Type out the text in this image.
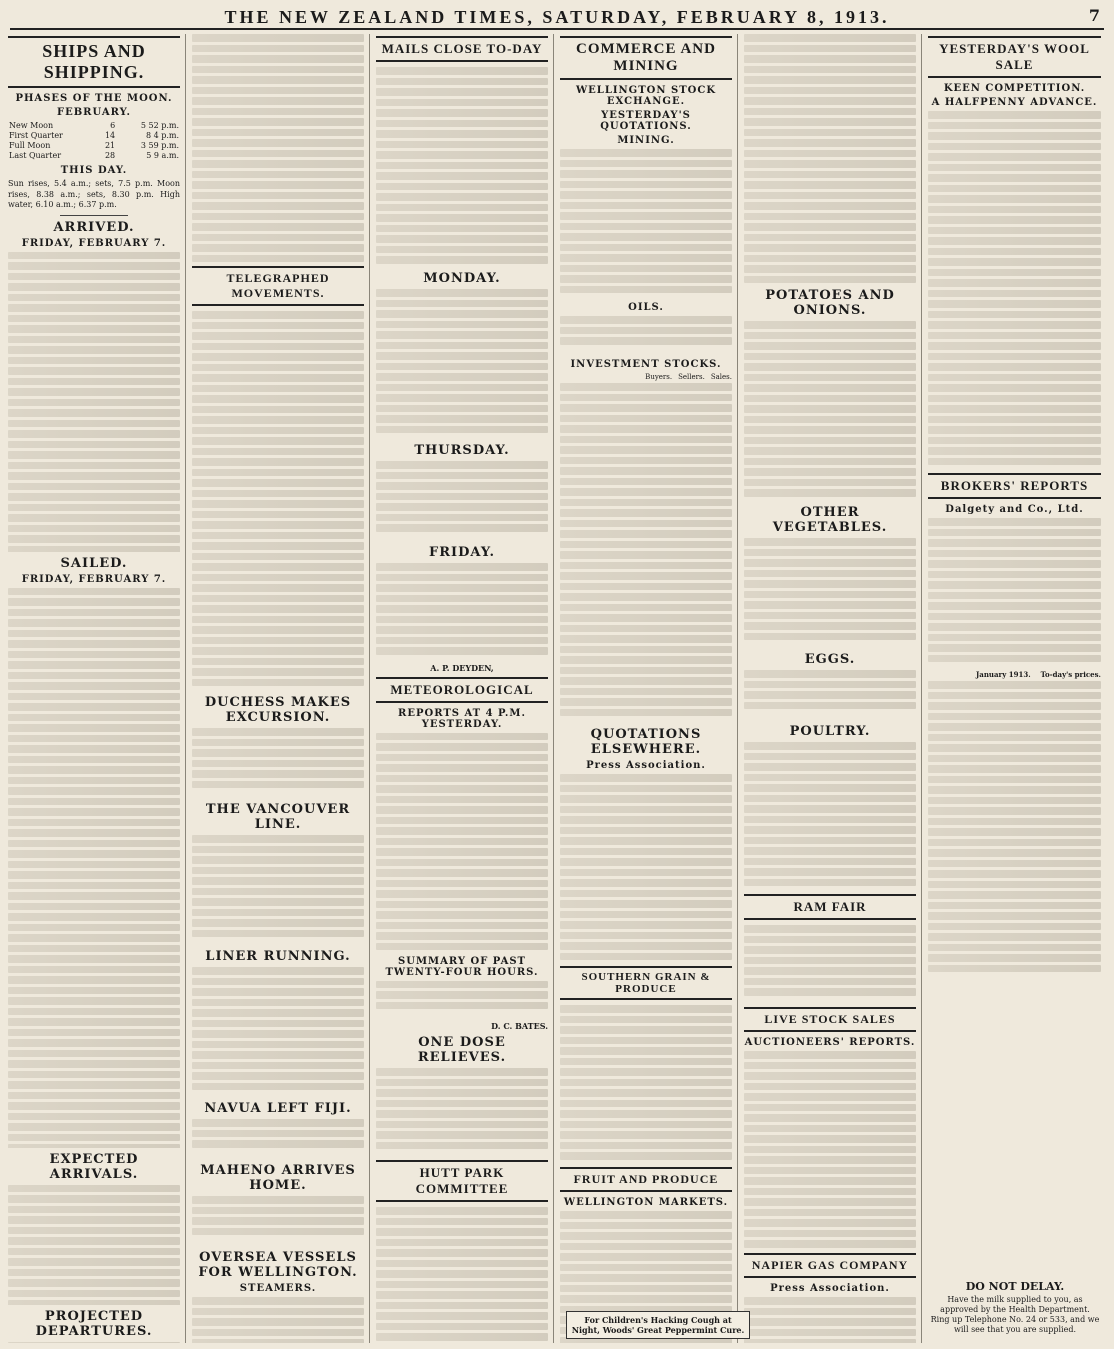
THE NEW ZEALAND TIMES, SATURDAY, FEBRUARY 8, 1913.	7
SHIPS AND SHIPPING.
PHASES OF THE MOON.
FEBRUARY.
New Moon	6	5 52 p.m.
First Quarter	14	8 4 p.m.
Full Moon	21	3 59 p.m.
Last Quarter	28	5 9 a.m.
THIS DAY.

Sun rises, 5.4 a.m.; sets, 7.5 p.m. Moon rises, 8.38 a.m.; sets, 8.30 p.m. High water, 6.10 a.m.; 6.37 p.m.

ARRIVED.
FRIDAY, FEBRUARY 7.
SAILED.
FRIDAY, FEBRUARY 7.
EXPECTED ARRIVALS.
PROJECTED DEPARTURES.
TELEGRAPHED MOVEMENTS.
DUCHESS MAKES EXCURSION.
THE VANCOUVER LINE.
LINER RUNNING.
NAVUA LEFT FIJI.
MAHENO ARRIVES HOME.
OVERSEA VESSELS FOR WELLINGTON.
STEAMERS.
MAILS CLOSE TO-DAY
MONDAY.
THURSDAY.
FRIDAY.
A. P. DEYDEN,
METEOROLOGICAL
REPORTS AT 4 P.M. YESTERDAY.
SUMMARY OF PAST TWENTY-FOUR HOURS.
D. C. BATES.
ONE DOSE RELIEVES.
HUTT PARK COMMITTEE
COMMERCE AND MINING
WELLINGTON STOCK EXCHANGE.
YESTERDAY'S QUOTATIONS.
MINING.
OILS.
INVESTMENT STOCKS.
Buyers. Sellers. Sales.
QUOTATIONS ELSEWHERE.
Press Association.
SOUTHERN GRAIN & PRODUCE
FRUIT AND PRODUCE
WELLINGTON MARKETS.
POTATOES AND ONIONS.
OTHER VEGETABLES.
EGGS.
POULTRY.
RAM FAIR
LIVE STOCK SALES
AUCTIONEERS' REPORTS.
NAPIER GAS COMPANY
Press Association.
YESTERDAY'S WOOL SALE
KEEN COMPETITION.
A HALFPENNY ADVANCE.
BROKERS' REPORTS
Dalgety and Co., Ltd.
January 1913. To-day's prices.
For Children's Hacking Cough at Night, Woods' Great Peppermint Cure.
DO NOT DELAY.
Have the milk supplied to you, as approved by the Health Department. Ring up Telephone No. 24 or 533, and we will see that you are supplied.
